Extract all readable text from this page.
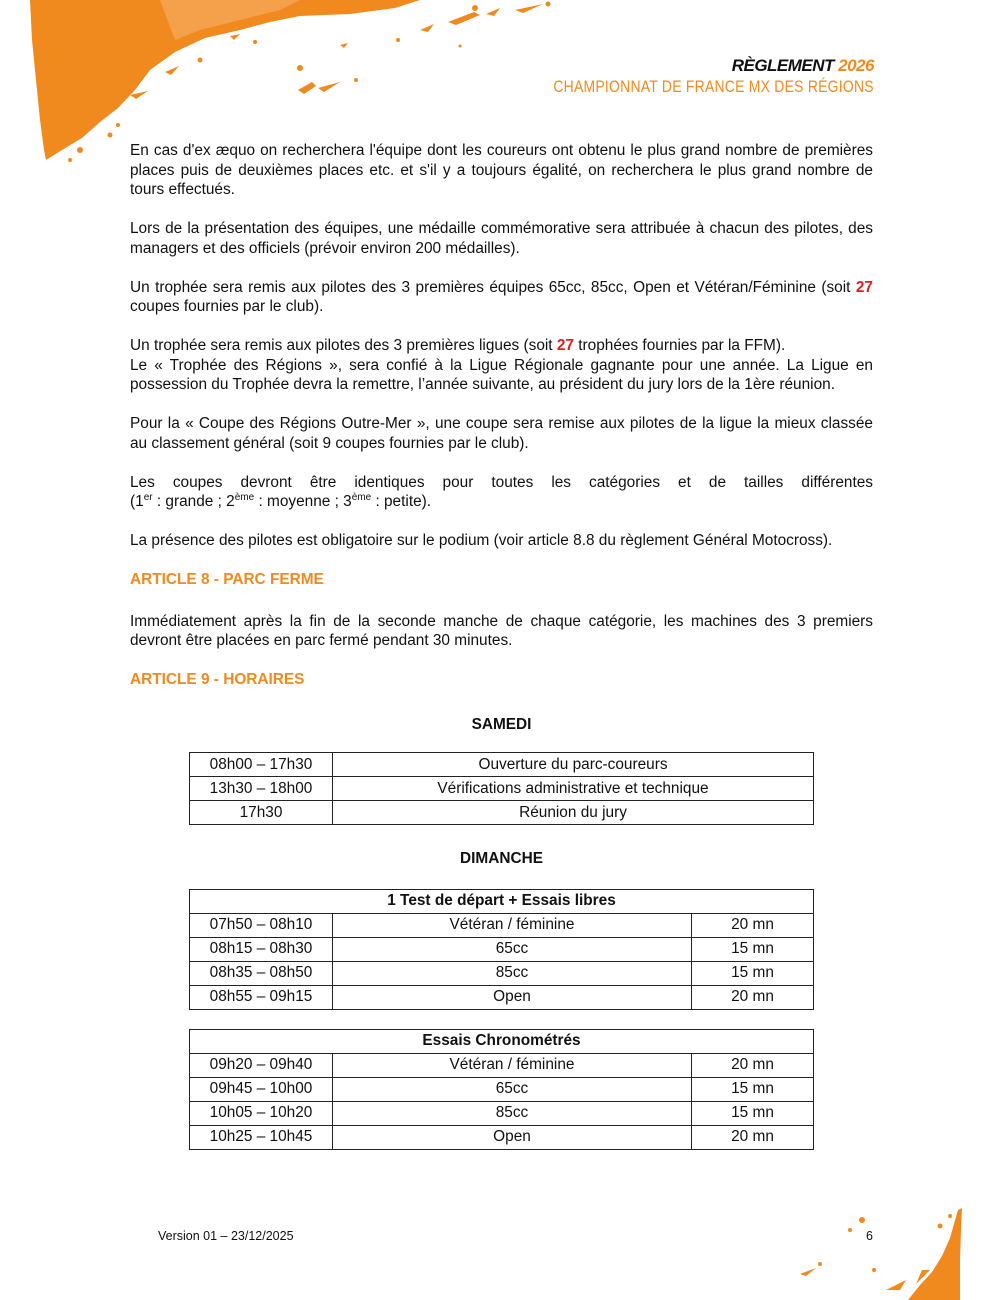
RÈGLEMENT 2026
CHAMPIONNAT DE FRANCE MX DES RÉGIONS

En cas d'ex æquo on recherchera l'équipe dont les coureurs ont obtenu le plus grand nombre de premières places puis de deuxièmes places etc. et s'il y a toujours égalité, on recherchera le plus grand nombre de tours effectués.

Lors de la présentation des équipes, une médaille commémorative sera attribuée à chacun des pilotes, des managers et des officiels (prévoir environ 200 médailles).

Un trophée sera remis aux pilotes des 3 premières équipes 65cc, 85cc, Open et Vétéran/Féminine (soit 27 coupes fournies par le club).

Un trophée sera remis aux pilotes des 3 premières ligues (soit 27 trophées fournies par la FFM).
Le « Trophée des Régions », sera confié à la Ligue Régionale gagnante pour une année. La Ligue en possession du Trophée devra la remettre, l’année suivante, au président du jury lors de la 1ère réunion.

Pour la « Coupe des Régions Outre-Mer », une coupe sera remise aux pilotes de la ligue la mieux classée au classement général (soit 9 coupes fournies par le club).

Les coupes devront être identiques pour toutes les catégories et de tailles différentes
(1er : grande ; 2ème : moyenne ; 3ème : petite).

La présence des pilotes est obligatoire sur le podium (voir article 8.8 du règlement Général Motocross).

ARTICLE 8 - PARC FERME

Immédiatement après la fin de la seconde manche de chaque catégorie, les machines des 3 premiers devront être placées en parc fermé pendant 30 minutes.

ARTICLE 9 - HORAIRES
SAMEDI
08h00 – 17h30	Ouverture du parc-coureurs
13h30 – 18h00	Vérifications administrative et technique
17h30	Réunion du jury
DIMANCHE
1 Test de départ + Essais libres		
07h50 – 08h10	Vétéran / féminine	20 mn
08h15 – 08h30	65cc	15 mn
08h35 – 08h50	85cc	15 mn
08h55 – 09h15	Open	20 mn
Essais Chronométrés		
09h20 – 09h40	Vétéran / féminine	20 mn
09h45 – 10h00	65cc	15 mn
10h05 – 10h20	85cc	15 mn
10h25 – 10h45	Open	20 mn
Version 01 – 23/12/2025	6
